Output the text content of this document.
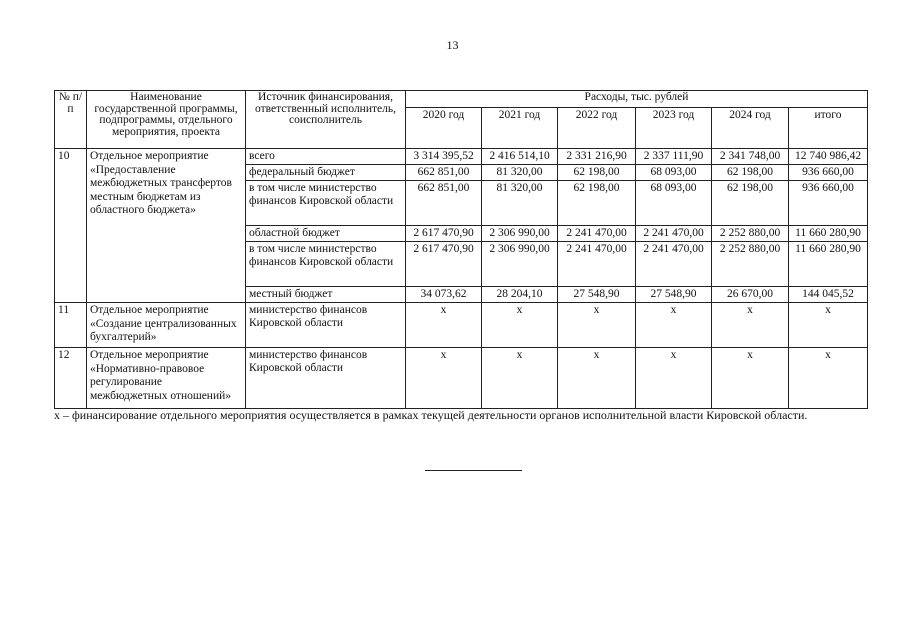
13
№ п/п	Наименование государственной программы, подпрограммы, отдельного мероприятия, проекта	Источник финансирования, ответственный исполнитель, соисполнитель	Расходы, тыс. рублей					
			2020 год	2021 год	2022 год	2023 год	2024 год	итого
10	Отдельное мероприятие «Предоставление межбюджетных трансфертов местным бюджетам из областного бюджета»	всего	3 314 395,52	2 416 514,10	2 331 216,90	2 337 111,90	2 341 748,00	12 740 986,42
		федеральный бюджет	662 851,00	81 320,00	62 198,00	68 093,00	62 198,00	936 660,00
		в том числе министерство финансов Кировской области	662 851,00	81 320,00	62 198,00	68 093,00	62 198,00	936 660,00
		областной бюджет	2 617 470,90	2 306 990,00	2 241 470,00	2 241 470,00	2 252 880,00	11 660 280,90
		в том числе министерство финансов Кировской области	2 617 470,90	2 306 990,00	2 241 470,00	2 241 470,00	2 252 880,00	11 660 280,90
		местный бюджет	34 073,62	28 204,10	27 548,90	27 548,90	26 670,00	144 045,52
11	Отдельное мероприятие «Создание централизованных бухгалтерий»	министерство финансов Кировской области	х	х	х	х	х	х
12	Отдельное мероприятие «Нормативно-правовое регулирование межбюджетных отношений»	министерство финансов Кировской области	х	х	х	х	х	х
х – финансирование отдельного мероприятия осуществляется в рамках текущей деятельности органов исполнительной власти Кировской области.
